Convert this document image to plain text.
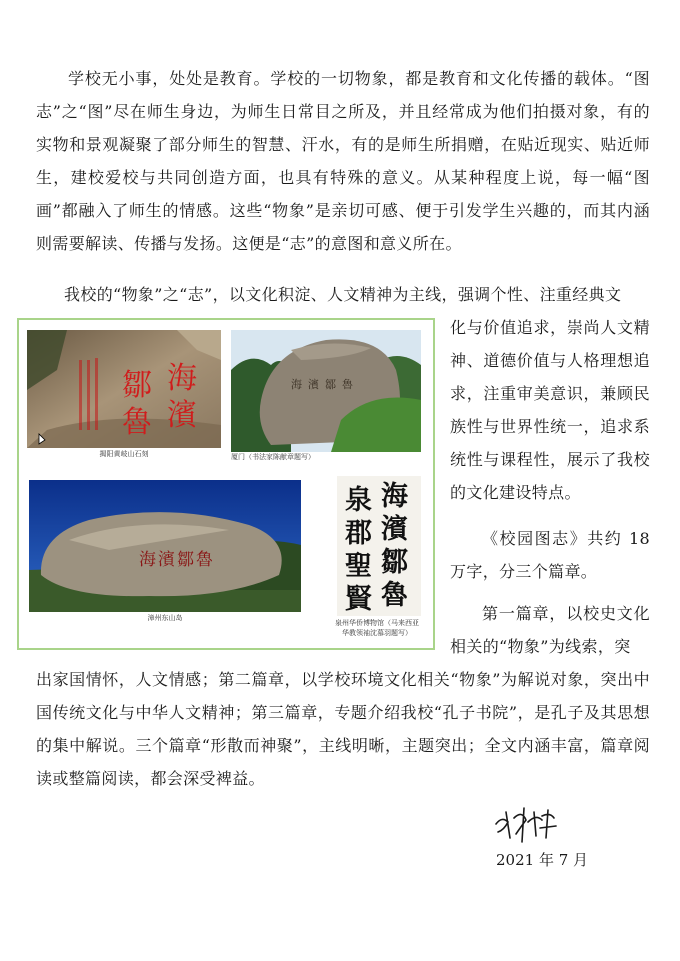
学校无小事，处处是教育。学校的一切物象，都是教育和文化传播的载体。“图志”之“图”尽在师生身边，为师生日常目之所及，并且经常成为他们拍摄对象，有的实物和景观凝聚了部分师生的智慧、汗水，有的是师生所捐赠，在贴近现实、贴近师生，建校爱校与共同创造方面，也具有特殊的意义。从某种程度上说，每一幅“图画”都融入了师生的情感。这些“物象”是亲切可感、便于引发学生兴趣的，而其内涵则需要解读、传播与发扬。这便是“志”的意图和意义所在。

我校的“物象”之“志”，以文化积淀、人文精神为主线，强调个性、注重经典文

鄒
魯
海
濱
揭阳黄岐山石刻
海濱鄒魯
厦门（书法家陈献章题写）
海濱鄒魯
漳州东山岛
海濱鄒魯
泉郡聖賢
泉州华侨博物馆（马来西亚
华教领袖沈慕羽题写）

化与价值追求，崇尚人文精神、道德价值与人格理想追求，注重审美意识，兼顾民族性与世界性统一，追求系统性与课程性，展示了我校的文化建设特点。

《校园图志》共约 18 万字，分三个篇章。

第一篇章，以校史文化相关的“物象”为线索，突

出家国情怀，人文情感；第二篇章，以学校环境文化相关“物象”为解说对象，突出中国传统文化与中华人文精神；第三篇章，专题介绍我校“孔子书院”，是孔子及其思想的集中解说。三个篇章“形散而神聚”，主线明晰，主题突出；全文内涵丰富，篇章阅读或整篇阅读，都会深受裨益。

2021 年 7 月
